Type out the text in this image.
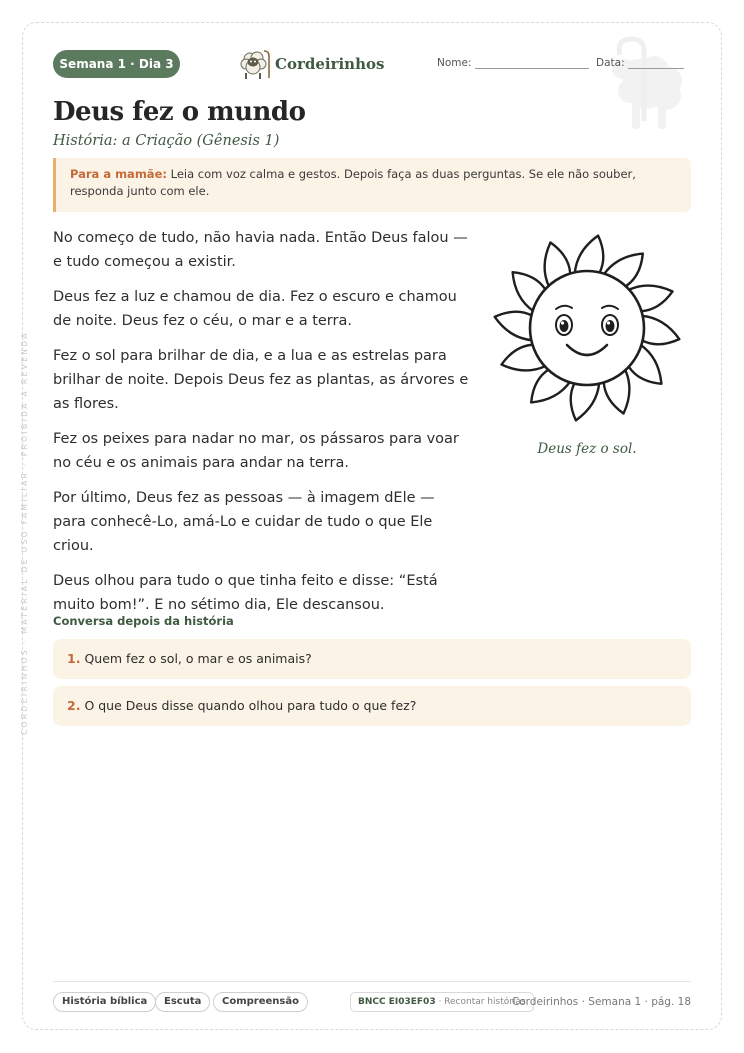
CORDEIRINHOS · MATERIAL DE USO FAMILIAR · PROIBIDA A REVENDA
Semana 1 · Dia 3	Cordeirinhos	Nome:	Data:
Deus fez o mundo
História: a Criação (Gênesis 1)
Para a mamãe: Leia com voz calma e gestos. Depois faça as duas perguntas. Se ele não souber, responda junto com ele.

No começo de tudo, não havia nada. Então Deus falou — e tudo começou a existir.

Deus fez a luz e chamou de dia. Fez o escuro e chamou de noite. Deus fez o céu, o mar e a terra.

Fez o sol para brilhar de dia, e a lua e as estrelas para brilhar de noite. Depois Deus fez as plantas, as árvores e as flores.

Fez os peixes para nadar no mar, os pássaros para voar no céu e os animais para andar na terra.

Por último, Deus fez as pessoas — à imagem dEle — para conhecê-Lo, amá-Lo e cuidar de tudo o que Ele criou.

Deus olhou para tudo o que tinha feito e disse: “Está muito bom!”. E no sétimo dia, Ele descansou.

Deus fez o sol.
Conversa depois da história
1. Quem fez o sol, o mar e os animais?
2. O que Deus disse quando olhou para tudo o que fez?
História bíblica	Escuta	Compreensão	BNCC EI03EF03 · Recontar histórias
Cordeirinhos · Semana 1 · pág. 18
